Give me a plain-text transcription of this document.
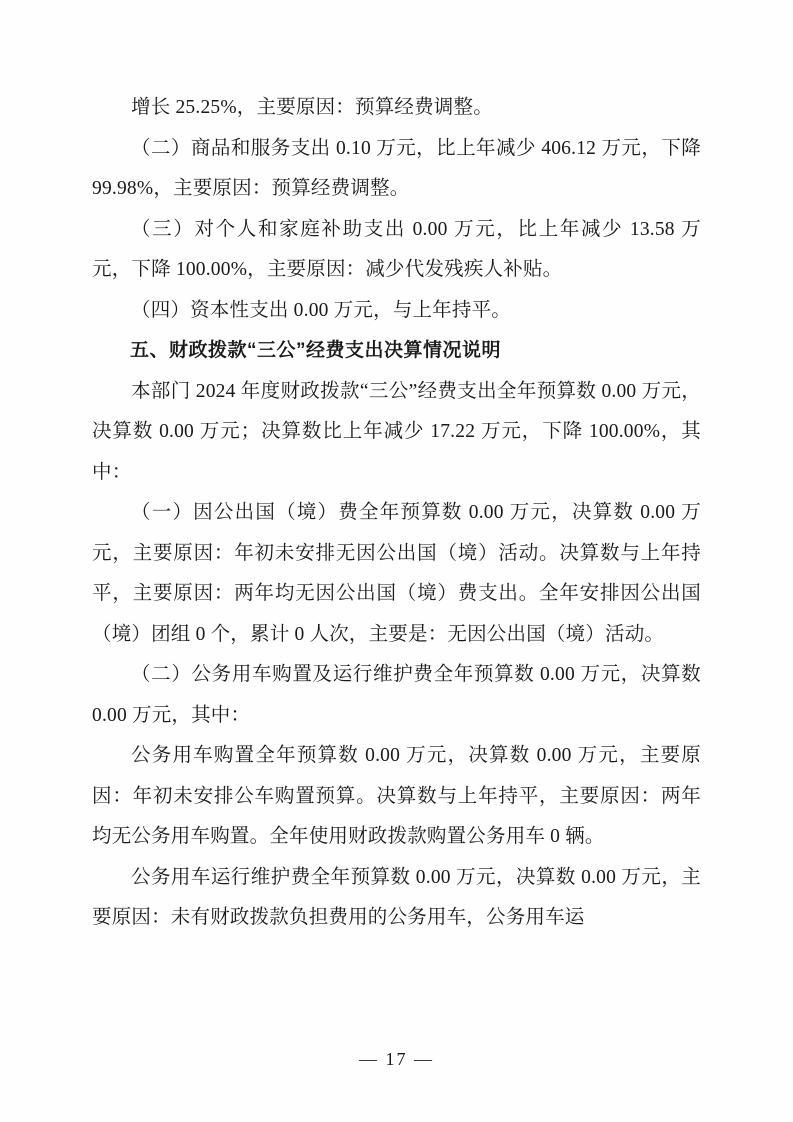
增长 25.25%，主要原因：预算经费调整。

（二）商品和服务支出 0.10 万元，比上年减少 406.12 万元，下降 99.98%，主要原因：预算经费调整。

（三）对个人和家庭补助支出 0.00 万元，比上年减少 13.58 万元，下降 100.00%，主要原因：减少代发残疾人补贴。

（四）资本性支出 0.00 万元，与上年持平。

五、财政拨款“三公”经费支出决算情况说明

本部门 2024 年度财政拨款“三公”经费支出全年预算数 0.00 万元，决算数 0.00 万元；决算数比上年减少 17.22 万元，下降 100.00%，其中：

（一）因公出国（境）费全年预算数 0.00 万元，决算数 0.00 万元，主要原因：年初未安排无因公出国（境）活动。决算数与上年持平，主要原因：两年均无因公出国（境）费支出。全年安排因公出国（境）团组 0 个，累计 0 人次，主要是：无因公出国（境）活动。

（二）公务用车购置及运行维护费全年预算数 0.00 万元，决算数 0.00 万元，其中：

公务用车购置全年预算数 0.00 万元，决算数 0.00 万元，主要原因：年初未安排公车购置预算。决算数与上年持平，主要原因：两年均无公务用车购置。全年使用财政拨款购置公务用车 0 辆。

公务用车运行维护费全年预算数 0.00 万元，决算数 0.00 万元，主要原因：未有财政拨款负担费用的公务用车，公务用车运

— 17 —
